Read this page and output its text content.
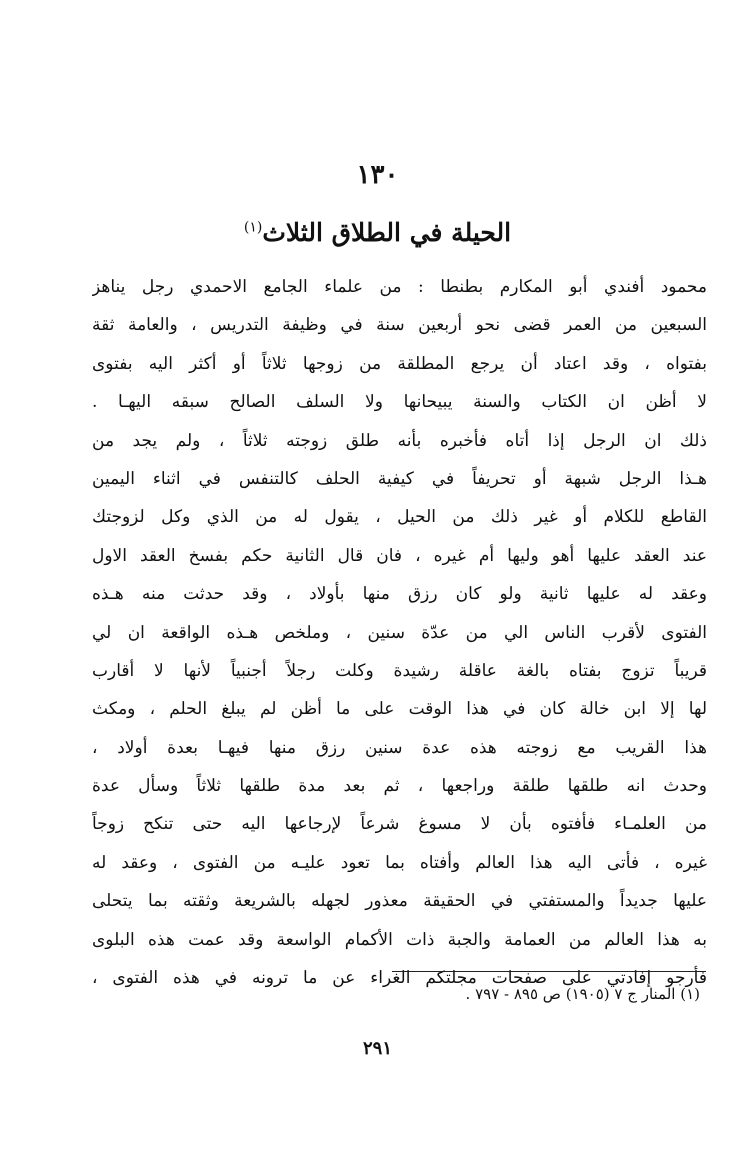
١٣٠
الحيلة في الطلاق الثلاث$^{(١)}$
محمود أفندي أبو المكارم بطنطا : من علماء الجامع الاحمدي رجل يناهز
السبعين من العمر قضى نحو أربعين سنة في وظيفة التدريس ، والعامة ثقة
بفتواه ، وقد اعتاد أن يرجع المطلقة من زوجها ثلاثاً أو أكثر اليه بفتوى
لا أظن ان الكتاب والسنة يبيحانها ولا السلف الصالح سبقه اليهـا .
ذلك ان الرجل إذا أتاه فأخبره بأنه طلق زوجته ثلاثاً ، ولم يجد من
هـذا الرجل شبهة أو تحريفاً في كيفية الحلف كالتنفس في اثناء اليمين
القاطع للكلام أو غير ذلك من الحيل ، يقول له من الذي وكل لزوجتك
عند العقد عليها أهو وليها أم غيره ، فان قال الثانية حكم بفسخ العقد الاول
وعقد له عليها ثانية ولو كان رزق منها بأولاد ، وقد حدثت منه هـذه
الفتوى لأقرب الناس الي من عدّة سنين ، وملخص هـذه الواقعة ان لي
قريباً تزوج بفتاه بالغة عاقلة رشيدة وكلت رجلاً أجنبياً لأنها لا أقارب
لها إلا ابن خالة كان في هذا الوقت على ما أظن لم يبلغ الحلم ، ومكث
هذا القريب مع زوجته هذه عدة سنين رزق منها فيهـا بعدة أولاد ،
وحدث انه طلقها طلقة وراجعها ، ثم بعد مدة طلقها ثلاثاً وسأل عدة
من العلمـاء فأفتوه بأن لا مسوغ شرعاً لإرجاعها اليه حتى تنكح زوجاً
غيره ، فأتى اليه هذا العالم وأفتاه بما تعود عليـه من الفتوى ، وعقد له
عليها جديداً والمستفتي في الحقيقة معذور لجهله بالشريعة وثقته بما يتحلى
به هذا العالم من العمامة والجبة ذات الأكمام الواسعة وقد عمت هذه البلوى
فأرجو إفادتي على صفحات مجلتكم الغراء عن ما ترونه في هذه الفتوى ،
(١) المنار ج ٧ (١٩٠٥) ص ٨٩٥ - ٧٩٧ .
٢٩١
